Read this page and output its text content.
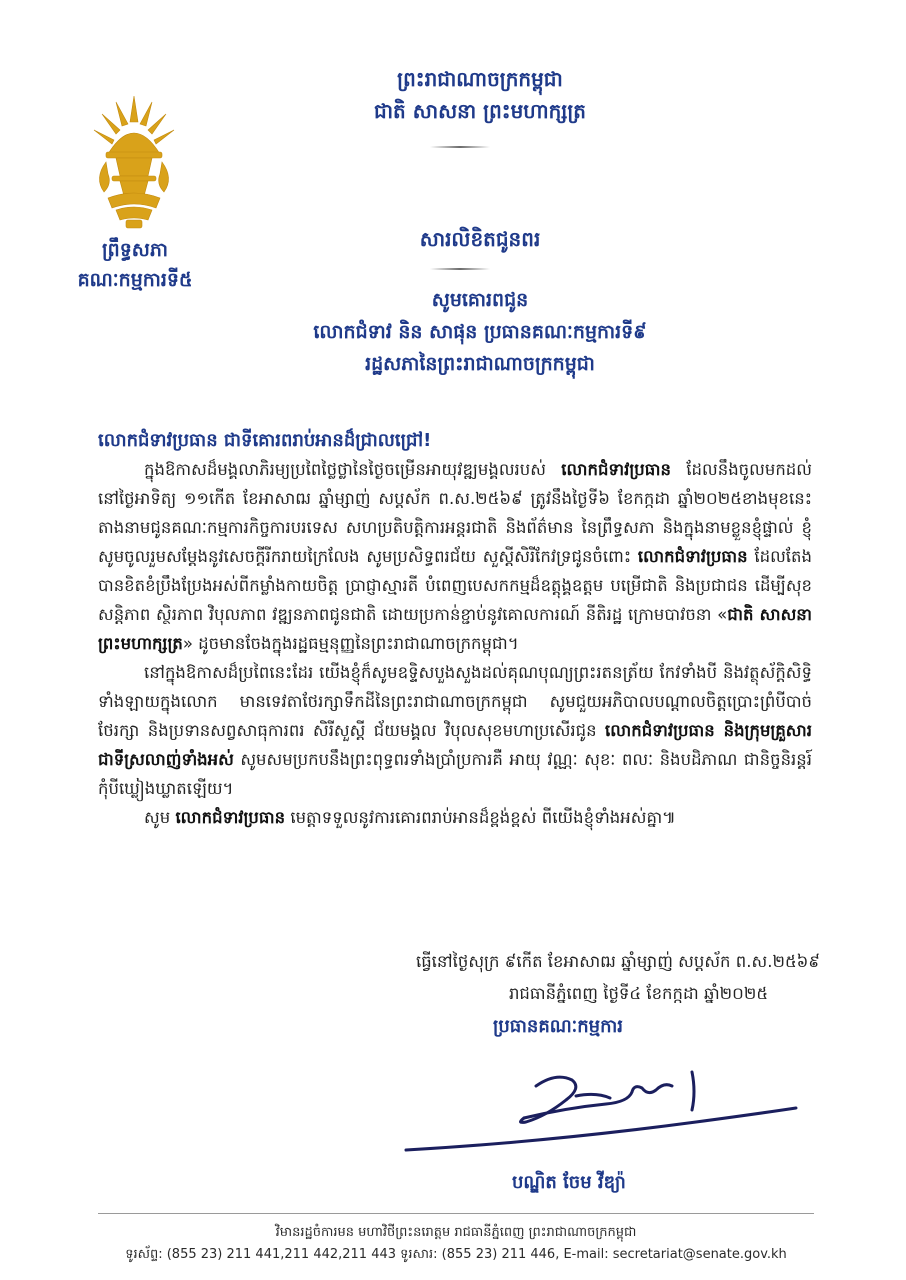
ព្រឹទ្ធសភា
គណៈកម្មការទី៥
ព្រះរាជាណាចក្រកម្ពុជា
ជាតិ សាសនា ព្រះមហាក្សត្រ
សារលិខិតជូនពរ
សូមគោរពជូន
លោកជំទាវ និន សាផុន ប្រធានគណៈកម្មការទី៩
រដ្ឋសភានៃព្រះរាជាណាចក្រកម្ពុជា

លោកជំទាវប្រធាន ជាទីគោរពរាប់អានដ៏ជ្រាលជ្រៅ!

ក្នុងឱកាសដ៏មង្គលាភិរម្យប្រពៃថ្លៃថ្លានៃថ្ងៃចម្រើនអាយុវឌ្ឍមង្គលរបស់ លោកជំទាវប្រធាន ដែលនឹងចូលមកដល់នៅថ្ងៃអាទិត្យ ១១កើត ខែអាសាឍ ឆ្នាំម្សាញ់ សប្តស័ក ព.ស.២៥៦៩ ត្រូវនឹងថ្ងៃទី៦ ខែកក្កដា ឆ្នាំ២០២៥ខាងមុខនេះ តាងនាមជូនគណៈកម្មការកិច្ចការបរទេស សហប្រតិបត្តិការអន្តរជាតិ និងព័ត៌មាន នៃព្រឹទ្ធសភា និងក្នុងនាមខ្លួនខ្ញុំផ្ទាល់ ខ្ញុំសូមចូលរួមសម្តែងនូវសេចក្តីរីករាយក្រៃលែង សូមប្រសិទ្ធពរជ័យ សួស្តីសិរីកែវទ្រជូនចំពោះ លោកជំទាវប្រធាន ដែលតែងបានខិតខំប្រឹងប្រែងអស់ពីកម្លាំងកាយចិត្ត ប្រាជ្ញាស្មារតី បំពេញបេសកកម្មដ៏ឧត្តុង្គឧត្តម បម្រើជាតិ និងប្រជាជន ដើម្បីសុខសន្តិភាព ស្ថិរភាព វិបុលភាព វឌ្ឍនភាពជូនជាតិ ដោយប្រកាន់ខ្ជាប់នូវគោលការណ៍ នីតិរដ្ឋ ក្រោមបាវចនា «ជាតិ សាសនា ព្រះមហាក្សត្រ» ដូចមានចែងក្នុងរដ្ឋធម្មនុញ្ញនៃព្រះរាជាណាចក្រកម្ពុជា។

នៅក្នុងឱកាសដ៏ប្រពៃនេះដែរ យើងខ្ញុំក៏សូមឧទ្ទិសបួងសួងដល់គុណបុណ្យព្រះរតនត្រ័យ កែវទាំងបី និងវត្ថុស័ក្តិសិទ្ធិទាំងឡាយក្នុងលោក មានទេវតាថែរក្សាទឹកដីនៃព្រះរាជាណាចក្រកម្ពុជា សូមជួយអភិបាលបណ្តាលចិត្តប្រោះព្រំបីបាច់ថែរក្សា និងប្រទានសព្វសាធុការពរ សិរីសួស្តី ជ័យមង្គល វិបុលសុខមហាប្រសើរជូន លោកជំទាវប្រធាន និងក្រុមគ្រួសារជាទីស្រលាញ់ទាំងអស់ សូមសមប្រកបនឹងព្រះពុទ្ធពរទាំងប្រាំប្រការគឺ អាយុ វណ្ណៈ សុខៈ ពលៈ និងបដិភាណ ជានិច្ចនិរន្តរ៍កុំបីឃ្លៀងឃ្លាតឡើយ។

សូម លោកជំទាវប្រធាន មេត្តាទទួលនូវការគោរពរាប់អានដ៏ខ្ពង់ខ្ពស់ ពីយើងខ្ញុំទាំងអស់គ្នា៕

ធ្វើនៅថ្ងៃសុក្រ ៩កើត ខែអាសាឍ ឆ្នាំម្សាញ់ សប្តស័ក ព.ស.២៥៦៩
រាជធានីភ្នំពេញ ថ្ងៃទី៤ ខែកក្កដា ឆ្នាំ២០២៥
ប្រធានគណៈកម្មការ
បណ្ឌិត ចែម វីឌ្យ៉ា
វិមានរដ្ឋចំការមន មហាវិថីព្រះនរោត្តម រាជធានីភ្នំពេញ ព្រះរាជាណាចក្រកម្ពុជា
ទូរស័ព្ទ: (855 23) 211 441,211 442,211 443 ទូរសារ: (855 23) 211 446, E-mail: secretariat@senate.gov.kh
